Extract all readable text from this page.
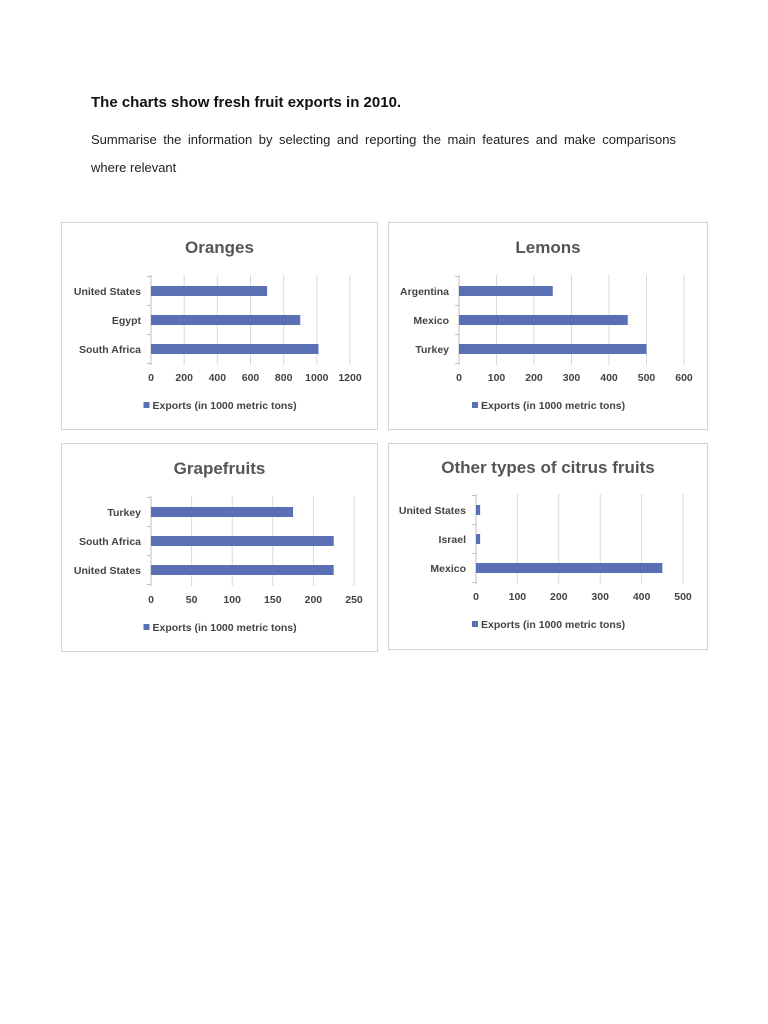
The charts show fresh fruit exports in 2010.
Summarise the information by selecting and reporting the main features and make comparisons where relevant
Oranges
United States
Egypt
South Africa
0 200 400 600 800 1000 1200
Exports (in 1000 metric tons)
Lemons
Argentina
Mexico
Turkey
0 100 200 300 400 500 600
Exports (in 1000 metric tons)
Grapefruits
Turkey
South Africa
United States
0	50 100 150 200 250
Exports (in 1000 metric tons)
Other types of citrus fruits
United States
Israel
Mexico
0	100 200 300 400 500
Exports (in 1000 metric tons)
